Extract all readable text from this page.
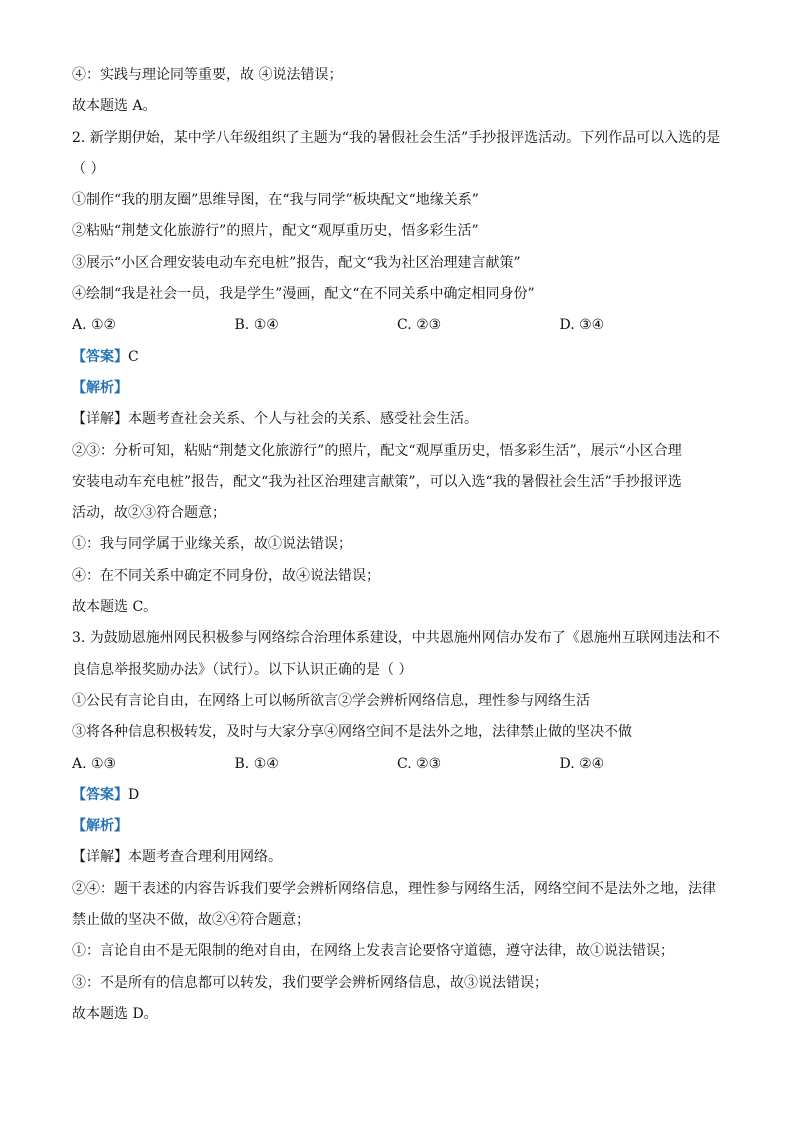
④：实践与理论同等重要，故 ④说法错误；
故本题选 A。
2. 新学期伊始，某中学八年级组织了主题为“我的暑假社会生活”手抄报评选活动。下列作品可以入选的是
（ ）
①制作“我的朋友圈”思维导图，在“我与同学”板块配文“地缘关系”
②粘贴“荆楚文化旅游行”的照片，配文“观厚重历史，悟多彩生活”
③展示“小区合理安装电动车充电桩”报告，配文“我为社区治理建言献策”
④绘制“我是社会一员，我是学生”漫画，配文“在不同关系中确定相同身份”
A. ①②	B. ①④	C. ②③	D. ③④
【答案】C
【解析】
【详解】本题考查社会关系、个人与社会的关系、感受社会生活。
②③：分析可知，粘贴“荆楚文化旅游行”的照片，配文“观厚重历史，悟多彩生活”，展示“小区合理
安装电动车充电桩”报告，配文“我为社区治理建言献策”，可以入选“我的暑假社会生活”手抄报评选
活动，故②③符合题意；
①：我与同学属于业缘关系，故①说法错误；
④：在不同关系中确定不同身份，故④说法错误；
故本题选 C。
3. 为鼓励恩施州网民积极参与网络综合治理体系建设，中共恩施州网信办发布了《恩施州互联网违法和不
良信息举报奖励办法》（试行）。以下认识正确的是（ ）
①公民有言论自由，在网络上可以畅所欲言②学会辨析网络信息，理性参与网络生活
③将各种信息积极转发，及时与大家分享④网络空间不是法外之地，法律禁止做的坚决不做
A. ①③	B. ①④	C. ②③	D. ②④
【答案】D
【解析】
【详解】本题考查合理利用网络。
②④：题干表述的内容告诉我们要学会辨析网络信息，理性参与网络生活，网络空间不是法外之地，法律
禁止做的坚决不做，故②④符合题意；
①：言论自由不是无限制的绝对自由，在网络上发表言论要恪守道德，遵守法律，故①说法错误；
③：不是所有的信息都可以转发，我们要学会辨析网络信息，故③说法错误；
故本题选 D。
